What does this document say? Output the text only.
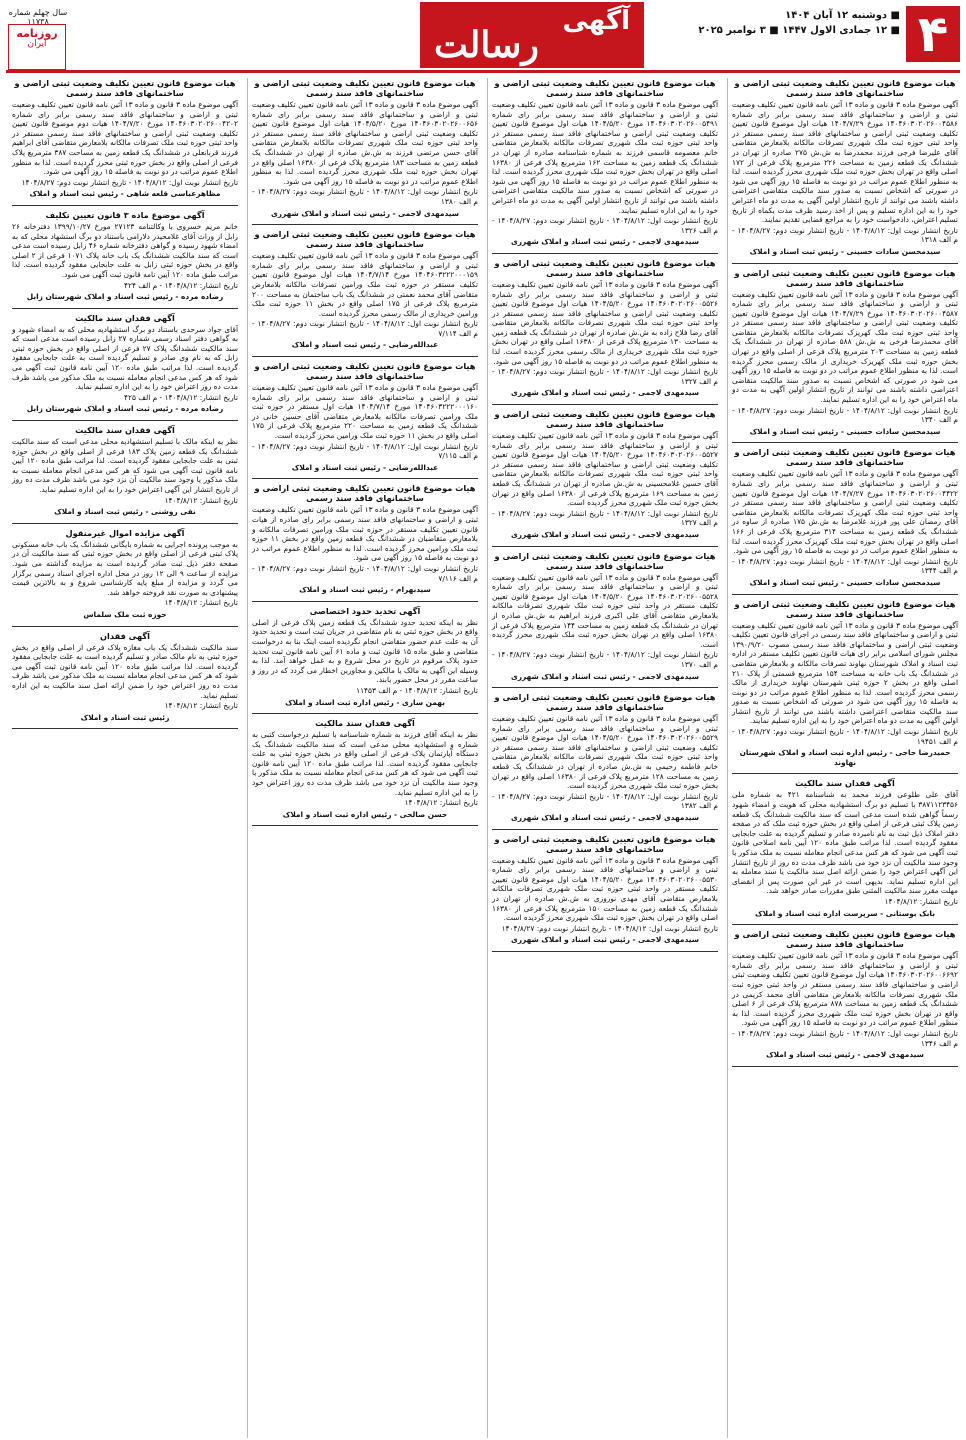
۴
■ دوشنبه ۱۲ آبان ۱۴۰۴
■ ۱۲ جمادی الاول ۱۴۴۷ ■ ۳ نوامبر ۲۰۲۵
آگهی
رسالت
سال چهلم شماره ۱۱۷۳۸
روزنامه
ایران
هیات موضوع قانون تعیین تکلیف وضعیت ثبتی اراضی و ساختمانهای فاقد سند رسمی

آگهی موضوع ماده ۳ قانون و ماده ۱۳ آئین نامه قانون تعیین تکلیف وضعیت ثبتی و اراضی و ساختمانهای فاقد سند رسمی برابر رای شماره ۱۴۰۴۶۰۳۰۲۰۲۶۰۰۴۵۸۶ مورخ ۱۴۰۴/۷/۲۹ هیات اول موضوع قانون تعیین تکلیف وضعیت ثبتی اراضی و ساختمانهای فاقد سند رسمی مستقر در واحد ثبتی حوزه ثبت ملک شهرری تصرفات مالکانه بلامعارض متقاضی آقای علیرضا فرجی فرزند محمدرضا به ش.ش ۲۷۵ صادره از تهران در ششدانگ یک قطعه زمین به مساحت ۲۲۶ مترمربع پلاک فرعی از ۱۷۲ اصلی واقع در تهران بخش حوزه ثبت ملک شهرری محرز گردیده است. لذا به منظور اطلاع عموم مراتب در دو نوبت به فاصله ۱۵ روز آگهی می شود در صورتی که اشخاص نسبت به صدور سند مالکیت متقاضی اعتراضی داشته باشند می توانند از تاریخ انتشار اولین آگهی به مدت دو ماه اعتراض خود را به این اداره تسلیم و پس از اخذ رسید ظرف مدت یکماه از تاریخ تسلیم اعتراض، دادخواست خود را به مراجع قضایی تقدیم نمایند.

تاریخ انتشار نوبت اول: ۱۴۰۴/۸/۱۲ - تاریخ انتشار نوبت دوم: ۱۴۰۴/۸/۲۷ - م الف ۱۳۱۸
سیدمحسن سادات حسینی - رئیس ثبت اسناد و املاک
هیات موضوع قانون تعیین تکلیف وضعیت ثبتی اراضی و ساختمانهای فاقد سند رسمی

آگهی موضوع ماده ۳ قانون و ماده ۱۳ آئین نامه قانون تعیین تکلیف وضعیت ثبتی و اراضی و ساختمانهای فاقد سند رسمی برابر رای شماره ۱۴۰۴۶۰۳۰۲۰۲۶۰۰۴۵۸۷ مورخ ۱۴۰۴/۷/۲۹ هیات اول موضوع قانون تعیین تکلیف وضعیت ثبتی اراضی و ساختمانهای فاقد سند رسمی مستقر در واحد ثبتی حوزه ثبت ملک کهریزک تصرفات مالکانه بلامعارض متقاضی آقای محمدرضا فرخی به ش.ش ۵۸۸ صادره از تهران در ششدانگ یک قطعه زمین به مساحت ۲۰۳ مترمربع پلاک فرعی از اصلی واقع در تهران بخش حوزه ثبت ملک کهریزک خریداری از مالک رسمی محرز گردیده است. لذا به منظور اطلاع عموم مراتب در دو نوبت به فاصله ۱۵ روز آگهی می شود در صورتی که اشخاص نسبت به صدور سند مالکیت متقاضی اعتراضی داشته باشند می توانند از تاریخ انتشار اولین آگهی به مدت دو ماه اعتراض خود را به این اداره تسلیم نمایند.

تاریخ انتشار نوبت اول: ۱۴۰۴/۸/۱۲ - تاریخ انتشار نوبت دوم: ۱۴۰۴/۸/۲۷ - م الف ۱۳۴۰
سیدمحسن سادات حسینی - رئیس ثبت اسناد و املاک
هیات موضوع قانون تعیین تکلیف وضعیت ثبتی اراضی و ساختمانهای فاقد سند رسمی

آگهی موضوع ماده ۳ قانون و ماده ۱۳ آئین نامه قانون تعیین تکلیف وضعیت ثبتی و اراضی و ساختمانهای فاقد سند رسمی برابر رای شماره ۱۴۰۴۶۰۳۰۲۰۲۶۰۰۴۴۲۲ مورخ ۱۴۰۴/۷/۲۷ هیات اول موضوع قانون تعیین تکلیف وضعیت ثبتی اراضی و ساختمانهای فاقد سند رسمی مستقر در واحد ثبتی حوزه ثبت ملک کهریزک تصرفات مالکانه بلامعارض متقاضی آقای رمضان علی پور فرزند غلامرضا به ش.ش ۱۷۵ صادره از ساوه در ششدانگ یک قطعه زمین به مساحت ۳۱۴ مترمربع پلاک فرعی از ۱۶۶ اصلی واقع در تهران بخش حوزه ثبت ملک کهریزک محرز گردیده است. لذا به منظور اطلاع عموم مراتب در دو نوبت به فاصله ۱۵ روز آگهی می شود.

تاریخ انتشار نوبت اول: ۱۴۰۴/۸/۱۲ - تاریخ انتشار نوبت دوم: ۱۴۰۴/۸/۲۷ - م الف ۱۳۴۴
سیدمحسن سادات حسینی - رئیس ثبت اسناد و املاک
هیات موضوع قانون تعیین تکلیف وضعیت ثبتی اراضی و ساختمانهای فاقد سند رسمی

آگهی موضوع ماده ۳ قانون و ماده ۱۳ آئین نامه قانون تعیین تکلیف وضعیت ثبتی و اراضی و ساختمانهای فاقد سند رسمی در اجرای قانون تعیین تکلیف وضعیت ثبتی اراضی و ساختمانهای فاقد سند رسمی مصوب ۱۳۹۰/۹/۲۰ مجلس شورای اسلامی برابر رای هیات قانون تعیین تکلیف مستقر در اداره ثبت اسناد و املاک شهرستان نهاوند تصرفات مالکانه و بلامعارض متقاضی در ششدانگ یک باب خانه به مساحت ۱۵۴ مترمربع قسمتی از پلاک ۲۱۰ اصلی واقع در بخش ۲ حوزه ثبتی شهرستان نهاوند خریداری از مالک رسمی محرز گردیده است. لذا به منظور اطلاع عموم مراتب در دو نوبت به فاصله ۱۵ روز آگهی می شود در صورتی که اشخاص نسبت به صدور سند مالکیت متقاضی اعتراضی داشته باشند می توانند از تاریخ انتشار اولین آگهی به مدت دو ماه اعتراض خود را به این اداره تسلیم نمایند.

تاریخ انتشار نوبت اول: ۱۴۰۴/۸/۱۲ - تاریخ انتشار نوبت دوم: ۱۴۰۴/۸/۲۷ - م الف ۱۹۴۵۱
حمیدرضا حاجی - رئیس اداره ثبت اسناد و املاک شهرستان نهاوند
آگهی فقدان سند مالکیت

آقای علی طلوعی فرزند محمد به شناسنامه ۴۲۱ به شماره ملی ۳۸۷۱۱۲۳۴۵۶ با تسلیم دو برگ استشهادیه محلی که هویت و امضاء شهود رسماً گواهی شده است مدعی است که سند مالکیت ششدانگ یک قطعه زمین پلاک ثبتی فرعی از اصلی واقع در بخش حوزه ثبت ملک که در صفحه دفتر املاک ذیل ثبت به نام نامبرده صادر و تسلیم گردیده به علت جابجایی مفقود گردیده است. لذا مراتب طبق ماده ۱۲۰ آیین نامه اصلاحی قانون ثبت آگهی می شود که هر کس مدعی انجام معامله نسبت به ملک مذکور یا وجود سند مالکیت آن نزد خود می باشد ظرف مدت ده روز از تاریخ انتشار این آگهی اعتراض خود را ضمن ارائه اصل سند مالکیت یا سند معامله به این اداره تسلیم نماید. بدیهی است در غیر این صورت پس از انقضای مهلت مقرر سند مالکیت المثنی طبق مقررات صادر خواهد شد.

تاریخ انتشار: ۱۴۰۴/۸/۱۲
بابک بوستانی - سرپرست اداره ثبت اسناد و املاک
هیات موضوع قانون تعیین تکلیف وضعیت ثبتی اراضی و ساختمانهای فاقد سند رسمی

آگهی موضوع ماده ۳ قانون و ماده ۱۳ آئین نامه قانون تعیین تکلیف وضعیت ثبتی و اراضی و ساختمانهای فاقد سند رسمی برابر رای شماره ۱۴۰۴۶۰۳۰۲۰۲۶۰۰۶۶۹۲ هیات اول موضوع قانون تعیین تکلیف وضعیت ثبتی اراضی و ساختمانهای فاقد سند رسمی مستقر در واحد ثبتی حوزه ثبت ملک شهرری تصرفات مالکانه بلامعارض متقاضی آقای محمد کریمی در ششدانگ یک قطعه زمین به مساحت ۸۷۸ مترمربع پلاک فرعی از ۶ اصلی واقع در تهران بخش حوزه ثبت ملک شهرری محرز گردیده است. لذا به منظور اطلاع عموم مراتب در دو نوبت به فاصله ۱۵ روز آگهی می شود.

تاریخ انتشار نوبت اول: ۱۴۰۴/۸/۱۲ - تاریخ انتشار نوبت دوم: ۱۴۰۴/۸/۲۷ - م الف ۱۳۴۶
سیدمهدی لاجمی - رئیس ثبت اسناد و املاک
هیات موضوع قانون تعیین تکلیف وضعیت ثبتی اراضی و ساختمانهای فاقد سند رسمی

آگهی موضوع ماده ۳ قانون و ماده ۱۳ آئین نامه قانون تعیین تکلیف وضعیت ثبتی و اراضی و ساختمانهای فاقد سند رسمی برابر رای شماره ۱۴۰۴۶۰۳۰۲۰۲۶۰۰۵۴۹۱ مورخ ۱۴۰۴/۵/۲۰ هیات اول موضوع قانون تعیین تکلیف وضعیت ثبتی اراضی و ساختمانهای فاقد سند رسمی مستقر در واحد ثبتی حوزه ثبت ملک شهرری تصرفات مالکانه بلامعارض متقاضی خانم معصومه قاسمی فرزند به شماره شناسنامه صادره از تهران در ششدانگ یک قطعه زمین به مساحت ۱۶۲ مترمربع پلاک فرعی از ۱۶۳۸۰ اصلی واقع در تهران بخش حوزه ثبت ملک شهرری محرز گردیده است. لذا به منظور اطلاع عموم مراتب در دو نوبت به فاصله ۱۵ روز آگهی می شود در صورتی که اشخاص نسبت به صدور سند مالکیت متقاضی اعتراضی داشته باشند می توانند از تاریخ انتشار اولین آگهی به مدت دو ماه اعتراض خود را به این اداره تسلیم نمایند.

تاریخ انتشار نوبت اول: ۱۴۰۴/۸/۱۲ - تاریخ انتشار نوبت دوم: ۱۴۰۴/۸/۲۷ - م الف ۱۳۲۶
سیدمهدی لاجمی - رئیس ثبت اسناد و املاک شهرری
هیات موضوع قانون تعیین تکلیف وضعیت ثبتی اراضی و ساختمانهای فاقد سند رسمی

آگهی موضوع ماده ۳ قانون و ماده ۱۳ آئین نامه قانون تعیین تکلیف وضعیت ثبتی و اراضی و ساختمانهای فاقد سند رسمی برابر رای شماره ۱۴۰۴۶۰۳۰۲۰۲۶۰۰۵۵۲۶ مورخ ۱۴۰۴/۵/۲۰ هیات اول موضوع قانون تعیین تکلیف وضعیت ثبتی اراضی و ساختمانهای فاقد سند رسمی مستقر در واحد ثبتی حوزه ثبت ملک شهرری تصرفات مالکانه بلامعارض متقاضی آقای رضا فلاح زاده به ش.ش صادره از تهران در ششدانگ یک قطعه زمین به مساحت ۱۳۰ مترمربع پلاک فرعی از ۱۶۳۸۰ اصلی واقع در تهران بخش حوزه ثبت ملک شهرری خریداری از مالک رسمی محرز گردیده است. لذا به منظور اطلاع عموم مراتب در دو نوبت به فاصله ۱۵ روز آگهی می شود.

تاریخ انتشار نوبت اول: ۱۴۰۴/۸/۱۲ - تاریخ انتشار نوبت دوم: ۱۴۰۴/۸/۲۷ - م الف ۱۳۲۷
سیدمهدی لاجمی - رئیس ثبت اسناد و املاک شهرری
هیات موضوع قانون تعیین تکلیف وضعیت ثبتی اراضی و ساختمانهای فاقد سند رسمی

آگهی موضوع ماده ۳ قانون و ماده ۱۳ آئین نامه قانون تعیین تکلیف وضعیت ثبتی و اراضی و ساختمانهای فاقد سند رسمی برابر رای شماره ۱۴۰۴۶۰۳۰۲۰۲۶۰۰۵۵۲۷ مورخ ۱۴۰۴/۵/۲۰ هیات اول موضوع قانون تعیین تکلیف وضعیت ثبتی اراضی و ساختمانهای فاقد سند رسمی مستقر در واحد ثبتی حوزه ثبت ملک شهرری تصرفات مالکانه بلامعارض متقاضی آقای حسین غلامحسینی به ش.ش صادره از تهران در ششدانگ یک قطعه زمین به مساحت ۱۶۹ مترمربع پلاک فرعی از ۱۶۳۸۰ اصلی واقع در تهران بخش حوزه ثبت ملک شهرری محرز گردیده است.

تاریخ انتشار نوبت اول: ۱۴۰۴/۸/۱۲ - تاریخ انتشار نوبت دوم: ۱۴۰۴/۸/۲۷ - م الف ۱۳۲۷
سیدمهدی لاجمی - رئیس ثبت اسناد و املاک شهرری
هیات موضوع قانون تعیین تکلیف وضعیت ثبتی اراضی و ساختمانهای فاقد سند رسمی

آگهی موضوع ماده ۳ قانون و ماده ۱۳ آئین نامه قانون تعیین تکلیف وضعیت ثبتی و اراضی و ساختمانهای فاقد سند رسمی برابر رای شماره ۱۴۰۴۶۰۳۰۲۰۲۶۰۰۵۵۲۸ مورخ ۱۴۰۴/۵/۲۰ هیات اول موضوع قانون تعیین تکلیف مستقر در واحد ثبتی حوزه ثبت ملک شهرری تصرفات مالکانه بلامعارض متقاضی آقای علی اکبری فرزند ابراهیم به ش.ش صادره از تهران در ششدانگ یک قطعه زمین به مساحت ۱۴۴ مترمربع پلاک فرعی از ۱۶۳۸۰ اصلی واقع در تهران بخش حوزه ثبت ملک شهرری محرز گردیده است.

تاریخ انتشار نوبت اول: ۱۴۰۴/۸/۱۲ - تاریخ انتشار نوبت دوم: ۱۴۰۴/۸/۲۷ - م الف ۱۳۷۰
سیدمهدی لاجمی - رئیس ثبت اسناد و املاک شهرری
هیات موضوع قانون تعیین تکلیف وضعیت ثبتی اراضی و ساختمانهای فاقد سند رسمی

آگهی موضوع ماده ۳ قانون و ماده ۱۳ آئین نامه قانون تعیین تکلیف وضعیت ثبتی و اراضی و ساختمانهای فاقد سند رسمی برابر رای شماره ۱۴۰۴۶۰۳۰۲۰۲۶۰۰۵۵۲۹ مورخ ۱۴۰۴/۵/۲۰ هیات اول موضوع قانون تعیین تکلیف وضعیت ثبتی اراضی و ساختمانهای فاقد سند رسمی مستقر در واحد ثبتی حوزه ثبت ملک شهرری تصرفات مالکانه بلامعارض متقاضی خانم فاطمه رحیمی به ش.ش صادره از تهران در ششدانگ یک قطعه زمین به مساحت ۱۲۸ مترمربع پلاک فرعی از ۱۶۳۸۰ اصلی واقع در تهران بخش حوزه ثبت ملک شهرری محرز گردیده است.

تاریخ انتشار نوبت اول: ۱۴۰۴/۸/۱۲ - تاریخ انتشار نوبت دوم: ۱۴۰۴/۸/۲۷ - م الف ۱۳۸۲
سیدمهدی لاجمی - رئیس ثبت اسناد و املاک شهرری
هیات موضوع قانون تعیین تکلیف وضعیت ثبتی اراضی و ساختمانهای فاقد سند رسمی

آگهی موضوع ماده ۳ قانون و ماده ۱۳ آئین نامه قانون تعیین تکلیف وضعیت ثبتی و اراضی و ساختمانهای فاقد سند رسمی برابر رای شماره ۱۴۰۴۶۰۳۰۲۰۲۶۰۰۵۵۳۰ مورخ ۱۴۰۴/۵/۲۰ هیات اول موضوع قانون تعیین تکلیف مستقر در واحد ثبتی حوزه ثبت ملک شهرری تصرفات مالکانه بلامعارض متقاضی آقای مهدی نوروزی به ش.ش صادره از تهران در ششدانگ یک قطعه زمین به مساحت ۱۵۰ مترمربع پلاک فرعی از ۱۶۳۸۰ اصلی واقع در تهران بخش حوزه ثبت ملک شهرری محرز گردیده است.

تاریخ انتشار نوبت اول: ۱۴۰۴/۸/۱۲ - تاریخ انتشار نوبت دوم: ۱۴۰۴/۸/۲۷
سیدمهدی لاجمی - رئیس ثبت اسناد و املاک شهرری
هیات موضوع قانون تعیین تکلیف وضعیت ثبتی اراضی و ساختمانهای فاقد سند رسمی

آگهی موضوع ماده ۳ قانون و ماده ۱۳ آئین نامه قانون تعیین تکلیف وضعیت ثبتی و اراضی و ساختمانهای فاقد سند رسمی برابر رای شماره ۱۴۰۴۶۰۳۰۲۰۲۶۰۰۶۵۶ مورخ ۱۴۰۴/۵/۲۰ هیات اول موضوع قانون تعیین تکلیف وضعیت ثبتی اراضی و ساختمانهای فاقد سند رسمی مستقر در واحد ثبتی حوزه ثبت ملک شهرری تصرفات مالکانه بلامعارض متقاضی آقای حسن مرتضی فرزند به ش.ش صادره از تهران در ششدانگ یک قطعه زمین به مساحت ۱۸۳ مترمربع پلاک فرعی از ۱۶۳۸۰ اصلی واقع در تهران بخش حوزه ثبت ملک شهرری محرز گردیده است. لذا به منظور اطلاع عموم مراتب در دو نوبت به فاصله ۱۵ روز آگهی می شود.

تاریخ انتشار نوبت اول: ۱۴۰۴/۸/۱۲ - تاریخ انتشار نوبت دوم: ۱۴۰۴/۸/۲۷ - م الف ۱۳۸۰
سیدمهدی لاجمی - رئیس ثبت اسناد و املاک شهرری
هیات موضوع قانون تعیین تکلیف وضعیت ثبتی اراضی و ساختمانهای فاقد سند رسمی

آگهی موضوع ماده ۳ قانون و ماده ۱۳ آئین نامه قانون تعیین تکلیف وضعیت ثبتی و اراضی و ساختمانهای فاقد سند رسمی برابر رای شماره ۱۴۰۴۶۰۳۲۲۲۰۰۰۱۵۹ مورخ ۱۴۰۴/۷/۱۴ هیات اول موضوع قانون تعیین تکلیف مستقر در حوزه ثبت ملک ورامین تصرفات مالکانه بلامعارض متقاضی آقای محمد نعمتی در ششدانگ یک باب ساختمان به مساحت ۲۰۰ مترمربع پلاک فرعی از ۱۷۵ اصلی واقع در بخش ۱۱ حوزه ثبت ملک ورامین خریداری از مالک رسمی محرز گردیده است.

تاریخ انتشار نوبت اول: ۱۴۰۴/۸/۱۲ - تاریخ انتشار نوبت دوم: ۱۴۰۴/۸/۲۷ - م الف ۷/۱۱۴
عبدالله‌رضایی - رئیس ثبت اسناد و املاک
هیات موضوع قانون تعیین تکلیف وضعیت ثبتی اراضی و ساختمانهای فاقد سند رسمی

آگهی موضوع ماده ۳ قانون و ماده ۱۳ آئین نامه قانون تعیین تکلیف وضعیت ثبتی و اراضی و ساختمانهای فاقد سند رسمی برابر رای شماره ۱۴۰۴۶۰۳۲۲۲۰۰۰۱۶۰ مورخ ۱۴۰۴/۷/۱۴ هیات اول مستقر در حوزه ثبت ملک ورامین تصرفات مالکانه بلامعارض متقاضی آقای حسین خانی در ششدانگ یک قطعه زمین به مساحت ۲۲۰ مترمربع پلاک فرعی از ۱۷۵ اصلی واقع در بخش ۱۱ حوزه ثبت ملک ورامین محرز گردیده است.

تاریخ انتشار نوبت اول: ۱۴۰۴/۸/۱۲ - تاریخ انتشار نوبت دوم: ۱۴۰۴/۸/۲۷ - م الف ۷/۱۱۵
عبدالله‌رضایی - رئیس ثبت اسناد و املاک
هیات موضوع قانون تعیین تکلیف وضعیت ثبتی اراضی و ساختمانهای فاقد سند رسمی

آگهی موضوع ماده ۳ قانون و ماده ۱۳ آئین نامه قانون تعیین تکلیف وضعیت ثبتی و اراضی و ساختمانهای فاقد سند رسمی برابر رای صادره از هیات قانون تعیین تکلیف مستقر در حوزه ثبت ملک ورامین تصرفات مالکانه و بلامعارض متقاضیان در ششدانگ یک قطعه زمین واقع در بخش ۱۱ حوزه ثبت ملک ورامین محرز گردیده است. لذا به منظور اطلاع عموم مراتب در دو نوبت به فاصله ۱۵ روز آگهی می شود.

تاریخ انتشار نوبت اول: ۱۴۰۴/۸/۱۲ - تاریخ انتشار نوبت دوم: ۱۴۰۴/۸/۲۷ - م الف ۷/۱۱۶
سیدبهرام - رئیس ثبت اسناد و املاک
آگهی تحدید حدود اختصاصی

نظر به اینکه تحدید حدود ششدانگ یک قطعه زمین پلاک فرعی از اصلی واقع در بخش حوزه ثبتی به نام متقاضی در جریان ثبت است و تحدید حدود آن به علت عدم حضور متقاضی انجام نگردیده است اینک بنا به درخواست متقاضی و طبق ماده ۱۵ قانون ثبت و ماده ۶۱ آیین نامه قانون ثبت تحدید حدود پلاک مرقوم در تاریخ در محل شروع و به عمل خواهد آمد. لذا به وسیله این آگهی به مالک یا مالکین و مجاورین اخطار می گردد که در روز و ساعت مقرر در محل حضور یابند.

تاریخ انتشار: ۱۴۰۴/۸/۱۲ - م الف ۱۱۴۵۳
بهمن ساری - رئیس اداره ثبت اسناد و املاک
آگهی فقدان سند مالکیت

نظر به اینکه آقای فرزند به شماره شناسنامه با تسلیم درخواست کتبی به شماره و استشهادیه محلی مدعی است که سند مالکیت ششدانگ یک دستگاه آپارتمان پلاک فرعی از اصلی واقع در بخش حوزه ثبتی به علت جابجایی مفقود گردیده است. لذا مراتب طبق ماده ۱۲۰ آیین نامه قانون ثبت آگهی می شود که هر کس مدعی انجام معامله نسبت به ملک مذکور یا وجود سند مالکیت آن نزد خود می باشد ظرف مدت ده روز اعتراض خود را به این اداره تسلیم نماید.

تاریخ انتشار: ۱۴۰۴/۸/۱۲
حسن صالحی - رئیس اداره ثبت اسناد و املاک
هیات موضوع قانون تعیین تکلیف وضعیت ثبتی اراضی و ساختمانهای فاقد سند رسمی

آگهی موضوع ماده ۳ قانون و ماده ۱۳ آئین نامه قانون تعیین تکلیف وضعیت ثبتی و اراضی و ساختمانهای فاقد سند رسمی برابر رای شماره ۱۴۰۴۶۰۳۰۲۰۲۶۰۰۴۲۰۲ مورخ ۱۴۰۴/۷/۲۰ هیات دوم موضوع قانون تعیین تکلیف وضعیت ثبتی اراضی و ساختمانهای فاقد سند رسمی مستقر در واحد ثبتی حوزه ثبت ملک تصرفات مالکانه بلامعارض متقاضی آقای ابراهیم فرزند قربانعلی در ششدانگ یک قطعه زمین به مساحت ۳۸۷ مترمربع پلاک فرعی از اصلی واقع در بخش حوزه ثبتی محرز گردیده است. لذا به منظور اطلاع عموم مراتب در دو نوبت به فاصله ۱۵ روز آگهی می شود.

تاریخ انتشار نوبت اول: ۱۴۰۴/۸/۱۲ - تاریخ انتشار نوبت دوم: ۱۴۰۴/۸/۲۷
مظاهرعباسی قلعه شاهی - رئیس ثبت اسناد و املاک
آگهی موضوع ماده ۳ قانون تعیین تکلیف

خانم مریم خسروی با وکالتنامه ۲۷۱۲۳ مورخ ۱۳۹۹/۱۰/۲۷ دفترخانه ۲۶ زابل از وراث آقای غلامحیدر دلارامی باستناد دو برگ استشهاد محلی که به امضاء شهود رسیده و گواهی دفترخانه شماره ۴۶ زابل رسیده است مدعی است که سند مالکیت ششدانگ یک باب خانه پلاک ۱۰۷۱ فرعی از ۲ اصلی واقع در بخش حوزه ثبتی زابل به علت جابجایی مفقود گردیده است. لذا مراتب طبق ماده ۱۲۰ آیین نامه قانون ثبت آگهی می شود.

تاریخ انتشار: ۱۴۰۴/۸/۱۲ - م الف ۴۲۴
رضاده مرده - رئیس ثبت اسناد و املاک شهرستان زابل
آگهی فقدان سند مالکیت

آقای جواد سرحدی باستناد دو برگ استشهادیه محلی که به امضاء شهود و به گواهی دفتر اسناد رسمی شماره ۲۷ زابل رسیده است مدعی است که سند مالکیت ششدانگ پلاک ۲۷ فرعی از اصلی واقع در بخش حوزه ثبتی زابل که به نام وی صادر و تسلیم گردیده است به علت جابجایی مفقود گردیده است. لذا مراتب طبق ماده ۱۲۰ آیین نامه قانون ثبت آگهی می شود که هر کس مدعی انجام معامله نسبت به ملک مذکور می باشد ظرف مدت ده روز اعتراض خود را به این اداره تسلیم نماید.

تاریخ انتشار: ۱۴۰۴/۸/۱۲ - م الف ۴۲۵
رضاده مرده - رئیس ثبت اسناد و املاک شهرستان زابل
آگهی فقدان سند مالکیت

نظر به اینکه مالک با تسلیم استشهادیه محلی مدعی است که سند مالکیت ششدانگ یک قطعه زمین پلاک ۱۸۳ فرعی از اصلی واقع در بخش حوزه ثبتی به علت جابجایی مفقود گردیده است. لذا مراتب طبق ماده ۱۲۰ آیین نامه قانون ثبت آگهی می شود که هر کس مدعی انجام معامله نسبت به ملک مذکور یا وجود سند مالکیت آن نزد خود می باشد ظرف مدت ده روز از تاریخ انتشار این آگهی اعتراض خود را به این اداره تسلیم نماید.

تاریخ انتشار: ۱۴۰۴/۸/۱۲
نقی روشنی - رئیس ثبت اسناد و املاک
آگهی مزایده اموال غیرمنقول

به موجب پرونده اجرایی به شماره بایگانی ششدانگ یک باب خانه مسکونی پلاک ثبتی فرعی از اصلی واقع در بخش حوزه ثبتی که سند مالکیت آن در صفحه دفتر ذیل ثبت صادر گردیده است به مزایده گذاشته می شود. مزایده از ساعت ۹ الی ۱۲ روز در محل اداره اجرای اسناد رسمی برگزار می گردد و مزایده از مبلغ پایه کارشناسی شروع و به بالاترین قیمت پیشنهادی به صورت نقد فروخته خواهد شد.

تاریخ انتشار: ۱۴۰۴/۸/۱۲
حوزه ثبت ملک سلماس
آگهی فقدان

سند مالکیت ششدانگ یک باب مغازه پلاک فرعی از اصلی واقع در بخش حوزه ثبتی به نام مالک صادر و تسلیم گردیده است به علت جابجایی مفقود گردیده است. لذا مراتب طبق ماده ۱۲۰ آیین نامه قانون ثبت آگهی می شود که هر کس مدعی انجام معامله نسبت به ملک مذکور می باشد ظرف مدت ده روز اعتراض خود را ضمن ارائه اصل سند مالکیت به این اداره تسلیم نماید.

تاریخ انتشار: ۱۴۰۴/۸/۱۲
رئیس ثبت اسناد و املاک
